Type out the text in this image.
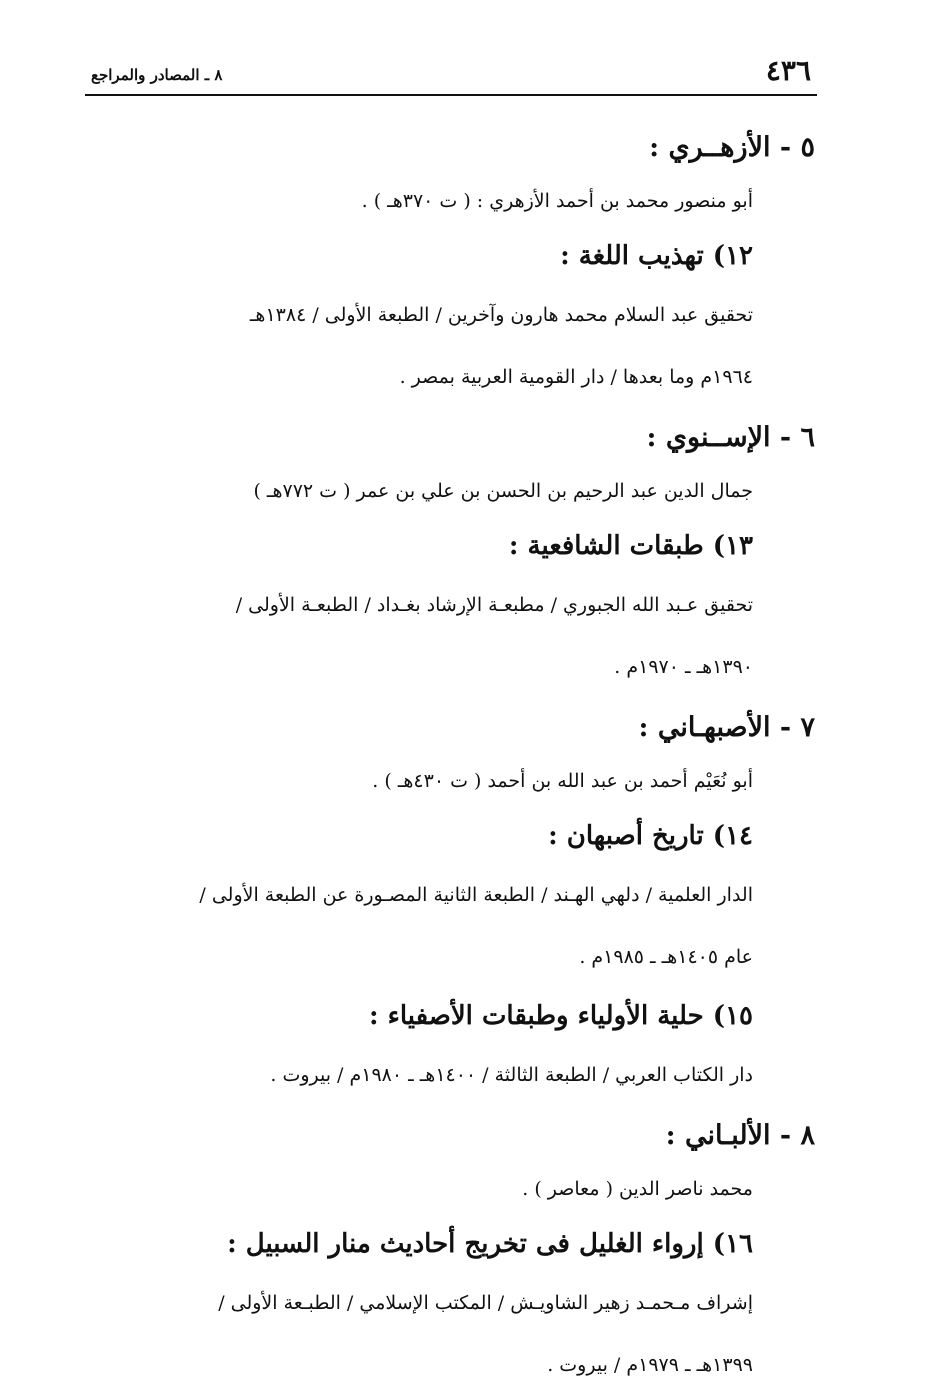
٤٣٦
٨ ـ المصادر والمراجع

٥ - الأزهــري :

أبو منصور محمد بن أحمد الأزهري : ( ت ٣٧٠هـ ) .

١٢) تهذيب اللغة :

تحقيق عبد السلام محمد هارون وآخرين / الطبعة الأولى / ١٣٨٤هـ

١٩٦٤م وما بعدها / دار القومية العربية بمصر .

٦ - الإســنوي :

جمال الدين عبد الرحيم بن الحسن بن علي بن عمر ( ت ٧٧٢هـ )

١٣) طبقات الشافعية :

تحقيق عـبد الله الجبوري / مطبعـة الإرشاد بغـداد / الطبعـة الأولى /

١٣٩٠هـ ـ ١٩٧٠م .

٧ - الأصبهـاني :

أبو نُعَيْم أحمد بن عبد الله بن أحمد ( ت ٤٣٠هـ ) .

١٤) تاريخ أصبهان :

الدار العلمية / دلهي الهـند / الطبعة الثانية المصـورة عن الطبعة الأولى /

عام ١٤٠٥هـ ـ ١٩٨٥م .

١٥) حلية الأولياء وطبقات الأصفياء :

دار الكتاب العربي / الطبعة الثالثة / ١٤٠٠هـ ـ ١٩٨٠م / بيروت .

٨ - الألبـاني :

محمد ناصر الدين ( معاصر ) .

١٦) إرواء الغليل فى تخريج أحاديث منار السبيل :

إشراف مـحمـد زهير الشاويـش / المكتب الإسلامي / الطبـعة الأولى /

١٣٩٩هـ ـ ١٩٧٩م / بيروت .
